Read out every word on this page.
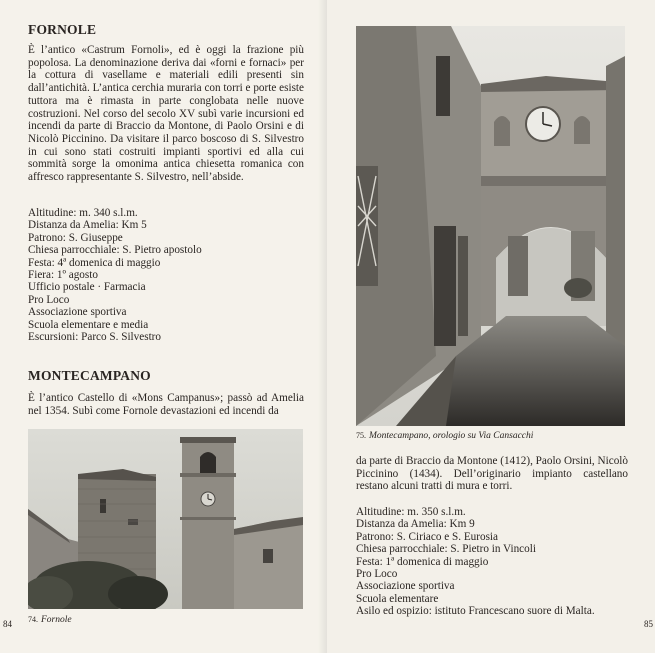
FORNOLE
È l’antico «Castrum Fornoli», ed è oggi la frazione più popolosa. La denominazione deriva dai «forni e fornaci» per la cottura di vasellame e materiali edili presenti sin dall’antichità. L’antica cerchia muraria con torri e porte esiste tuttora ma è rimasta in parte conglobata nelle nuove costruzioni. Nel corso del secolo XV subì varie incursioni ed incendi da parte di Braccio da Montone, di Paolo Orsini e di Nicolò Piccinino. Da visitare il parco boscoso di S. Silvestro in cui sono stati costruiti impianti sportivi ed alla cui sommità sorge la omonima antica chiesetta romanica con affresco rappresentante S. Silvestro, nell’abside.
Altitudine: m. 340 s.l.m.
Distanza da Amelia: Km 5
Patrono: S. Giuseppe
Chiesa parrocchiale: S. Pietro apostolo
Festa: 4ª domenica di maggio
Fiera: 1º agosto
Ufficio postale · Farmacia
Pro Loco
Associazione sportiva
Scuola elementare e media
Escursioni: Parco S. Silvestro
MONTECAMPANO
È l’antico Castello di «Mons Campanus»; passò ad Amelia nel 1354. Subì come Fornole devastazioni ed incendi da
74. Fornole
84
75. Montecampano, orologio su Via Cansacchi
da parte di Braccio da Montone (1412), Paolo Orsini, Nicolò Piccinino (1434). Dell’originario impianto castellano restano alcuni tratti di mura e torri.
Altitudine: m. 350 s.l.m.
Distanza da Amelia: Km 9
Patrono: S. Ciriaco e S. Eurosia
Chiesa parrocchiale: S. Pietro in Vincoli
Festa: 1ª domenica di maggio
Pro Loco
Associazione sportiva
Scuola elementare
Asilo ed ospizio: istituto Francescano suore di Malta.
85
